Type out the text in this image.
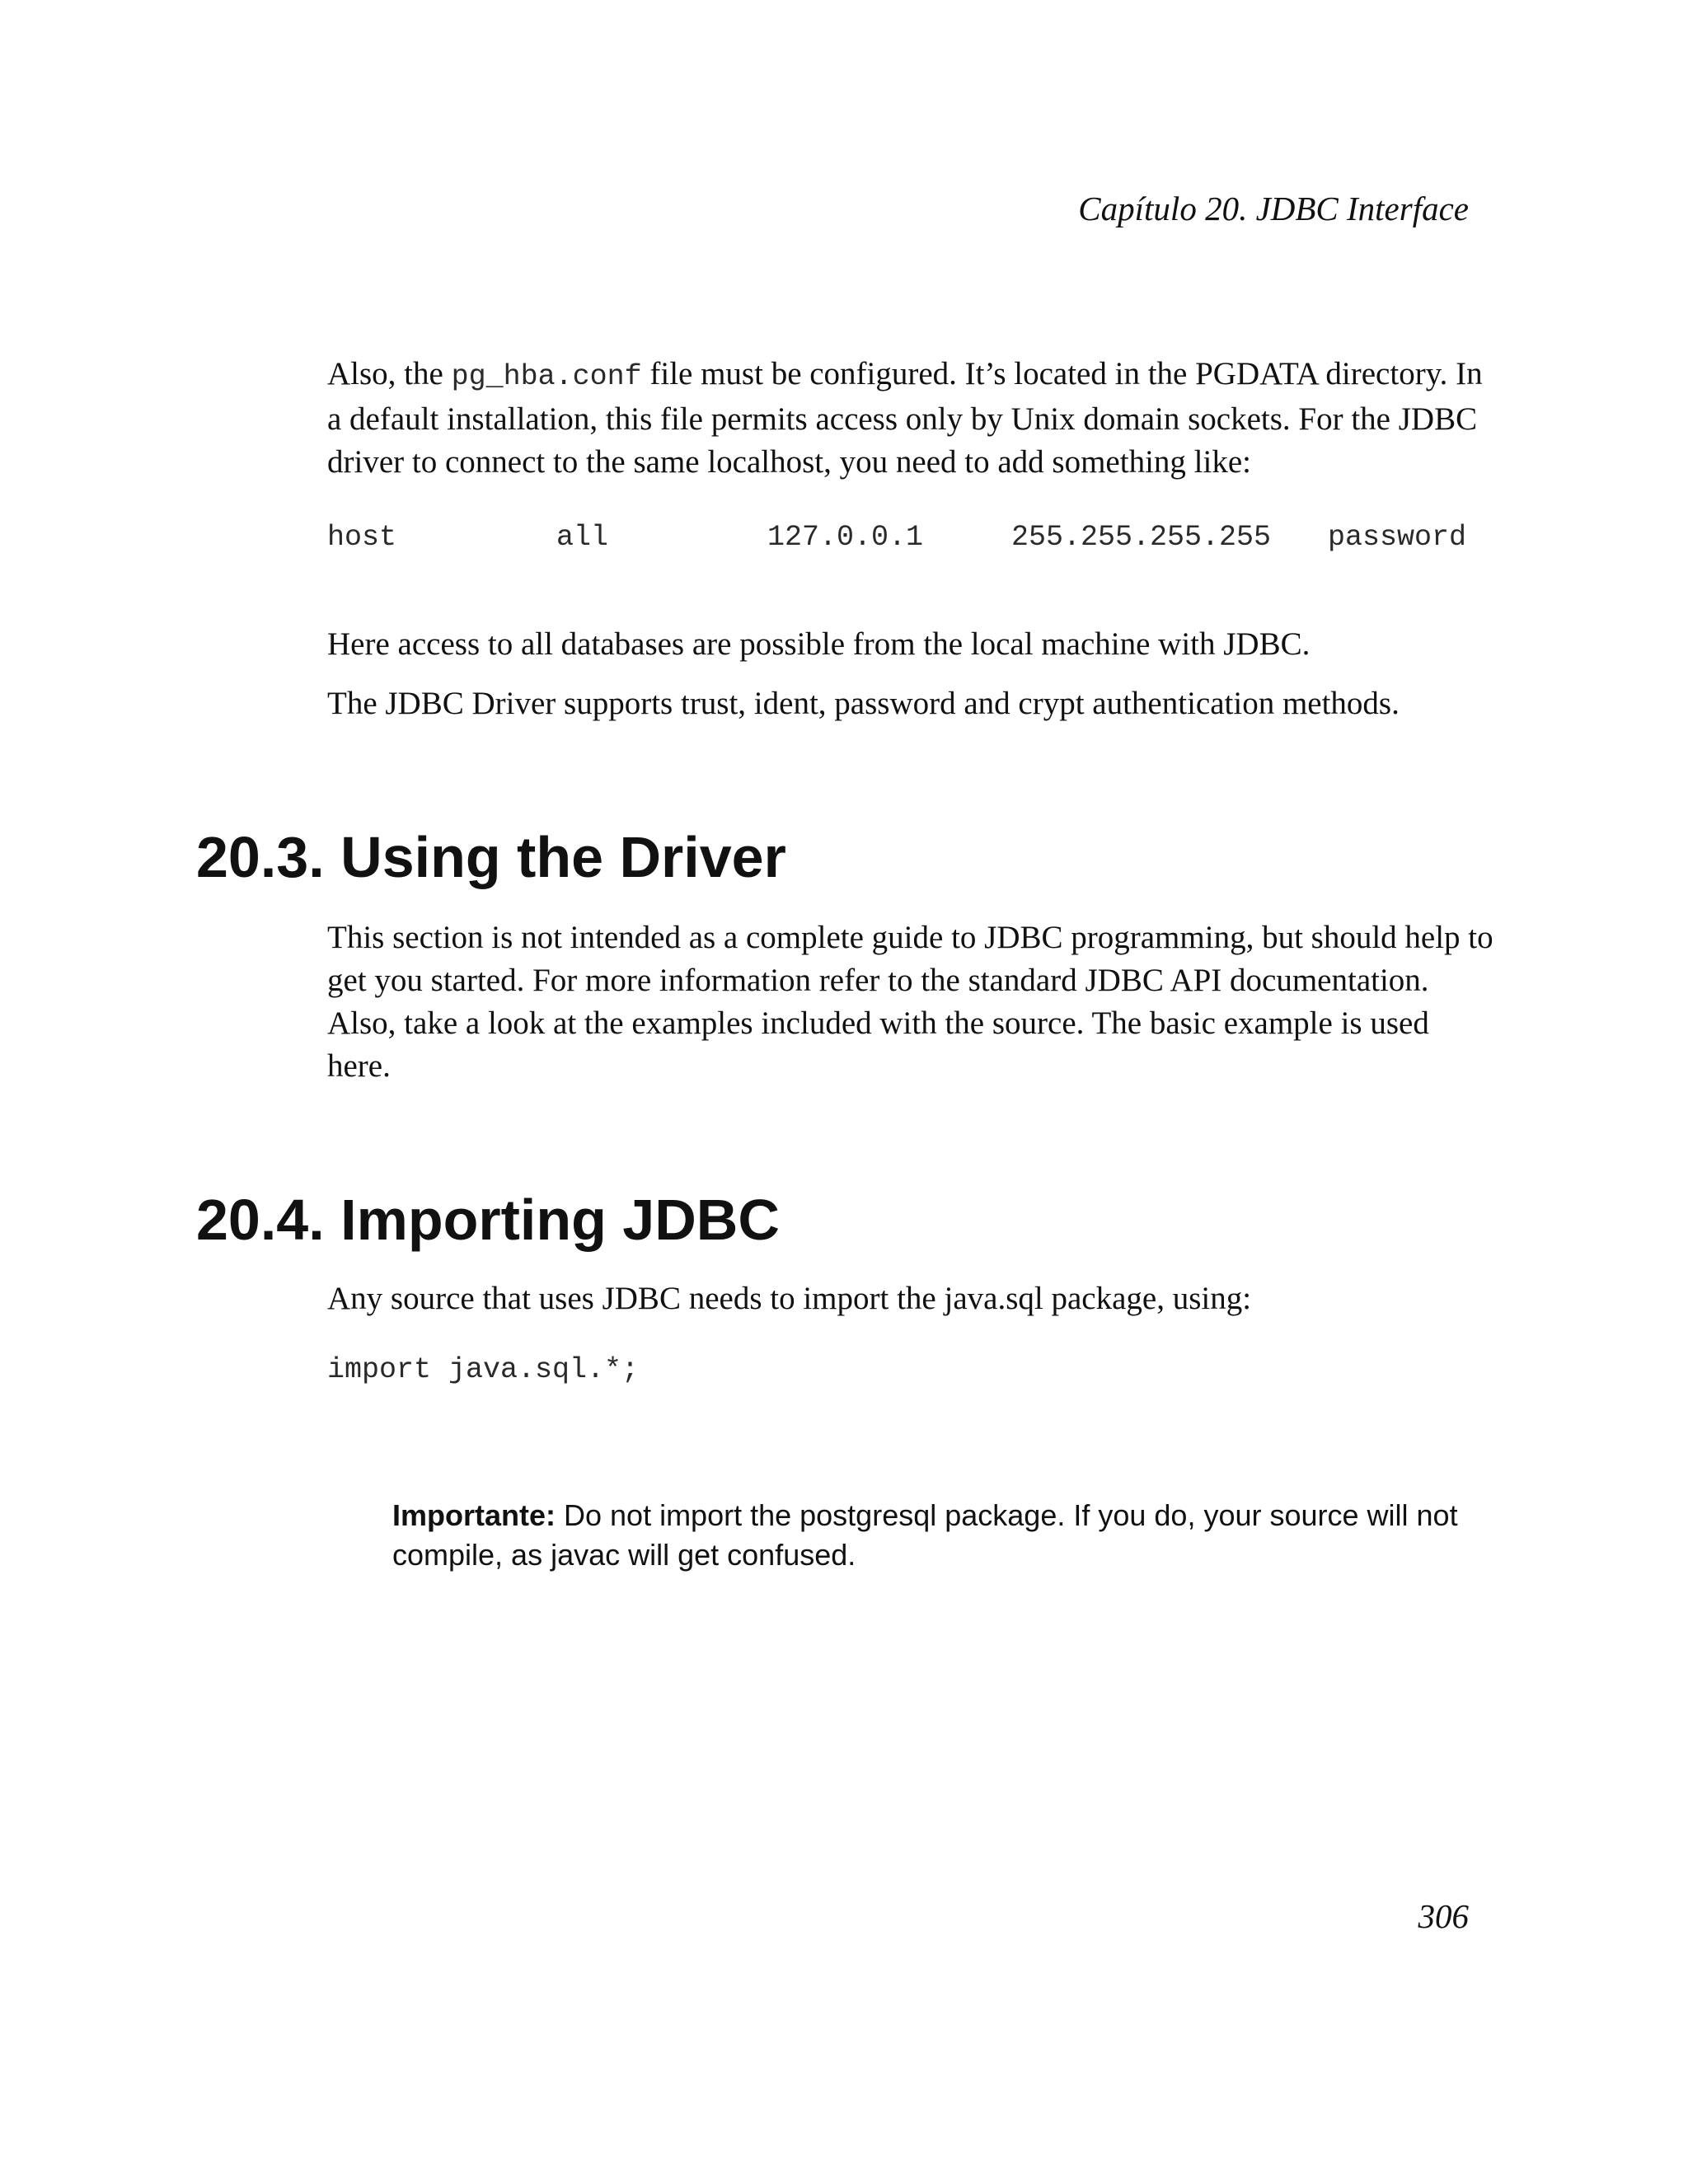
Capítulo 20. JDBC Interface

Also, the pg_hba.conf file must be configured. It’s located in the PGDATA directory. In a default installation, this file permits access only by Unix domain sockets. For the JDBC driver to connect to the same localhost, you need to add something like:

host	all	127.0.0.1	255.255.255.255 password

Here access to all databases are possible from the local machine with JDBC.

The JDBC Driver supports trust, ident, password and crypt authentication methods.

20.3. Using the Driver

This section is not intended as a complete guide to JDBC programming, but should help to get you started. For more information refer to the standard JDBC API documentation. Also, take a look at the examples included with the source. The basic example is used here.

20.4. Importing JDBC

Any source that uses JDBC needs to import the java.sql package, using:

import java.sql.*;
Importante: Do not import the postgresql package. If you do, your source will not compile, as javac will get confused.
306
